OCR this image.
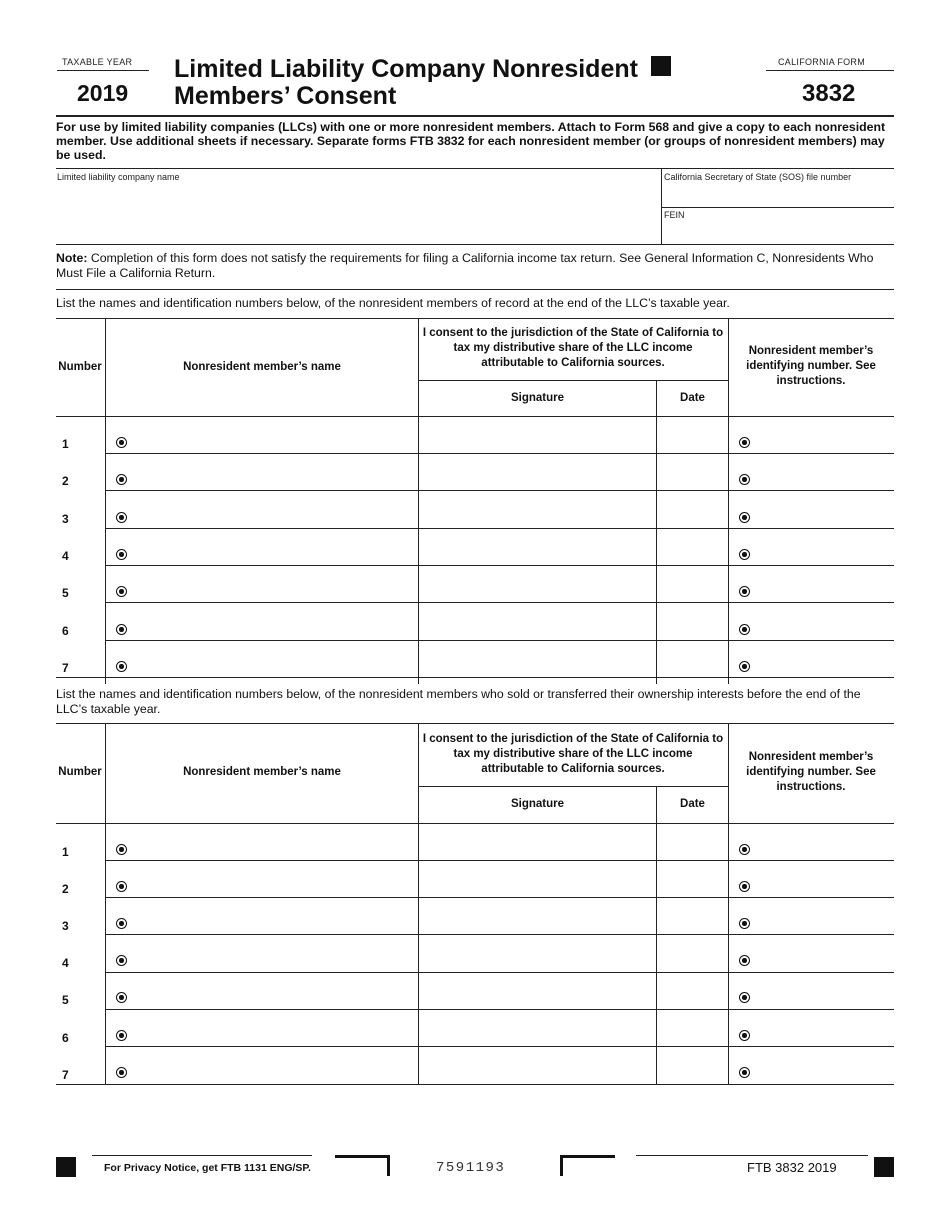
TAXABLE YEAR
2019
Limited Liability Company Nonresident
Members’ Consent
CALIFORNIA FORM
3832
For use by limited liability companies (LLCs) with one or more nonresident members. Attach to Form 568 and give a copy to each nonresident member. Use additional sheets if necessary. Separate forms FTB 3832 for each nonresident member (or groups of nonresident members) may be used.
Limited liability company name	California Secretary of State (SOS) file number
FEIN
Note: Completion of this form does not satisfy the requirements for filing a California income tax return. See General Information C, Nonresidents Who Must File a California Return.
List the names and identification numbers below, of the nonresident members of record at the end of the LLC’s taxable year.
Number	Nonresident member’s name
I consent to the jurisdiction of the State of California to tax my distributive share of the LLC income attributable to California sources.
Signature	Date
Nonresident member’s identifying number. See instructions.
1
2
3
4
5
6
7
List the names and identification numbers below, of the nonresident members who sold or transferred their ownership interests before the end of the LLC’s taxable year.
Number	Nonresident member’s name
I consent to the jurisdiction of the State of California to tax my distributive share of the LLC income attributable to California sources.
Signature	Date
Nonresident member’s identifying number. See instructions.
1
2
3
4
5
6
7
For Privacy Notice, get FTB 1131 ENG/SP.	7591193	FTB 3832 2019
